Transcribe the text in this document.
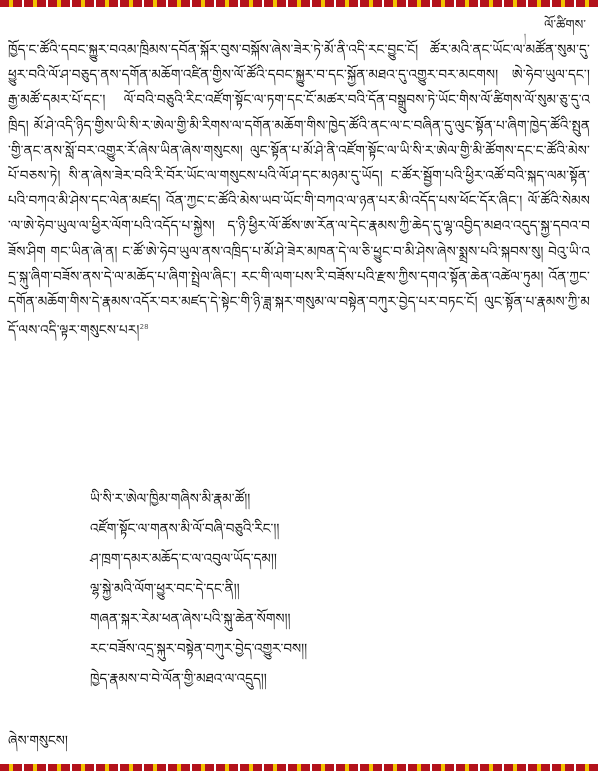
ལོ་ཚིགས་
།

ཁྱོད་ང་ཚོའི་དབང་སྐྱུར་བའམ་ཁྲིམས་དབོན་སྐོར་བུས་བསྐོས་ཞེས་ཟེར་ཏེ་མོ་ནི་འདི་རང་བྱུང་ངོ། ཚོར་མའི་ནང་ཡོང་ལ་མཚོན་སུམ་དུ་ཕྱུར་བའི་ལོ་ཤ་བཅུད་ནས་དགོན་མཆོག་འཛིན་གྱིས་ལོ་ཚོའི་དབང་སྐྱུར་བ་དང་སྐྱོན་མཐའ་དུ་འགྱུར་བར་མངགས། ཨེ་ཧེབ་ཡུལ་དང་། རྒྱ་མཚོ་དམར་པོ་དང་། ལོ་བའི་བཅུའི་རིང་འཛོག་སྟོང་ལ་ཏག་དང་ངོ་མཚར་བའི་དོན་བསྒྲུབས་ཏེ་ཡོང་གིས་ལོ་ཚིགས་ལོ་སུམ་ཅུ་དུ་འཁྲིད། མོ་ཤེ་འདི་ཉིད་གྱིས་ཡི་སི་ར་ཨེལ་གྱི་མི་རིགས་ལ་དགོན་མཆོག་གིས་ཁྱེད་ཚོའི་ནང་ལ་ང་བཞིན་དུ་ལུང་སྟོན་པ་ཞིག་ཁྱེད་ཚོའི་སྤུན་གྱི་ནང་ནས་སློ་བར་འགྱུར་རོ་ཞེས་ཡིན་ཞེས་གསུངས། ལུང་སྟོན་པ་མོ་ཤེ་ནི་འཛོག་སྟོང་ལ་ཡི་སི་ར་ཨེལ་གྱི་མི་ཚོགས་དང་ང་ཚོའི་མེས་པོ་བཅས་ཏེ། སི་ན་ཞེས་ཟེར་བའི་རི་བོར་ཡོང་ལ་གསུངས་པའི་ལོ་ཤ་དང་མཉམ་དུ་ཡོད། ང་ཚོར་སྦྱོག་པའི་ཕྱིར་འཚོ་བའི་སྐད་ལམ་སྟོན་པའི་བཀའ་མི་ཤེས་དང་ལེན་མཛད། འོན་ཀྱང་ང་ཚོའི་མེས་ཡབ་ཡོང་གི་བཀའ་ལ་ཉན་པར་མི་འདོད་པས་ཕོང་དོར་ཞིང་། ལོ་ཚོའི་སེམས་ལ་ཨེ་ཧེབ་ཡུལ་ལ་ཕྱིར་ལོག་པའི་འདོད་པ་སྐྱེས། ད་ཉི་ཕྱིར་ལོ་ཚོས་ཨ་རོན་ལ་དེང་རྣམས་ཀྱི་ཆེད་དུ་ལྷ་འབྱིད་མཐའ་འདུད་སྐྱ་དབའ་བཟོས་ཤིག གང་ཡིན་ཞེ་ན། ང་ཚོ་ཨེ་ཧེབ་ཡུལ་ནས་འཁྲིད་པ་མོ་ཤེ་ཟེར་མཁན་དེ་ལ་ཅི་ཕྱུང་བ་མི་ཤེས་ཞེས་སྨྲས་པའི་སྐབས་སུ། བེའུ་ཡི་འདྲ་སྐུ་ཞིག་བཟོས་ནས་དེ་ལ་མཆོད་པ་ཞིག་སྤྲེལ་ཞིང་། རང་གི་ལག་པས་རི་བཟོས་པའི་རྫས་ཀྱིས་དགའ་སྟོན་ཆེན་འཚེལ་ཏུམ། འོན་ཀྱང་དགོན་མཆོག་གིས་དེ་རྣམས་འདོར་བར་མཛད་དེ་སྟེང་གི་ཉི་ཟླ་སྐར་གསུམ་ལ་བསྟེན་བཀུར་བྱེད་པར་བཏང་ངོ། ལུང་སྟོན་པ་རྣམས་ཀྱི་མདོ་ལས་འདི་ལྟར་གསུངས་པར།$^{28}$

ཡི་སི་ར་ཨེལ་ཁྱིམ་གཞིས་མི་རྣམ་ཚོ།།
འཛོག་སྟོང་ལ་གནས་མི་ལོ་བཞི་བཅུའི་རིང་།།
ཤ་ཁྲག་དམར་མཆོད་ང་ལ་འབུལ་ཡོད་དམ།།
ལྷ་སྐྱེ་མའི་ལོག་ཕྱུར་བང་དེ་དང་ནི།།
གཞན་སྐར་རེམ་ཕན་ཞེས་པའི་སྐུ་ཆེན་སོགས།།
རང་བཟོས་འདྲ་སྐུར་བསྟེན་བཀུར་བྱེད་འགྱུར་བས།།
ཁྱེད་རྣམས་བ་བེ་ལོན་གྱི་མཐའ་ལ་འདྲུད།།
ཞེས་གསུངས།
